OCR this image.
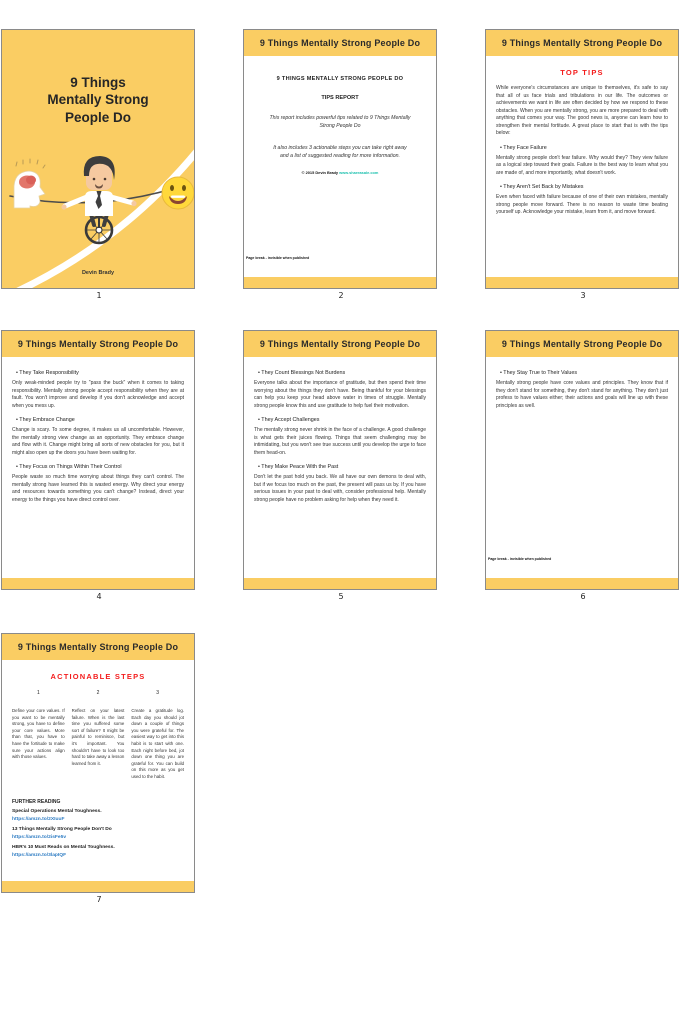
9 Things
Mentally Strong
People Do
Devin Brady
1
9 Things Mentally Strong People Do
9 THINGS MENTALLY STRONG PEOPLE DO
TIPS REPORT
This report includes powerful tips related to 9 Things Mentally Strong People Do
It also includes 3 actionable steps you can take right away and a list of suggested reading for more information.
© 2015 Devin Brady www.shareasale.com
Page break - invisible when published
2
9 Things Mentally Strong People Do
TOP TIPS

While everyone's circumstances are unique to themselves, it's safe to say that all of us face trials and tribulations in our life. The outcomes or achievements we want in life are often decided by how we respond to these obstacles. When you are mentally strong, you are more prepared to deal with anything that comes your way. The good news is, anyone can learn how to strengthen their mental fortitude. A great place to start that is with the tips below:

• They Face Failure

Mentally strong people don't fear failure. Why would they? They view failure as a logical step toward their goals. Failure is the best way to learn what you are made of, and more importantly, what doesn't work.

• They Aren't Set Back by Mistakes

Even when faced with failure because of one of their own mistakes, mentally strong people move forward. There is no reason to waste time beating yourself up. Acknowledge your mistake, learn from it, and move forward.

3
9 Things Mentally Strong People Do
• They Take Responsibility

Only weak-minded people try to "pass the buck" when it comes to taking responsibility. Mentally strong people accept responsibility when they are at fault. You won't improve and develop if you don't acknowledge and accept when you mess up.

• They Embrace Change

Change is scary. To some degree, it makes us all uncomfortable. However, the mentally strong view change as an opportunity. They embrace change and flow with it. Change might bring all sorts of new obstacles for you, but it might also open up the doors you have been waiting for.

• They Focus on Things Within Their Control

People waste so much time worrying about things they can't control. The mentally strong have learned this is wasted energy. Why direct your energy and resources towards something you can't change? Instead, direct your energy to the things you have direct control over.

4
9 Things Mentally Strong People Do
• They Count Blessings Not Burdens

Everyone talks about the importance of gratitude, but then spend their time worrying about the things they don't have. Being thankful for your blessings can help you keep your head above water in times of struggle. Mentally strong people know this and use gratitude to help fuel their motivation.

• They Accept Challenges

The mentally strong never shrink in the face of a challenge. A good challenge is what gets their juices flowing. Things that seem challenging may be intimidating, but you won't see true success until you develop the urge to face them head-on.

• They Make Peace With the Past

Don't let the past hold you back. We all have our own demons to deal with, but if we focus too much on the past, the present will pass us by. If you have serious issues in your past to deal with, consider professional help. Mentally strong people have no problem asking for help when they need it.

5
9 Things Mentally Strong People Do
• They Stay True to Their Values

Mentally strong people have core values and principles. They know that if they don't stand for something, they don't stand for anything. They don't just profess to have values either; their actions and goals will line up with these principles as well.

Page break - invisible when published
6
9 Things Mentally Strong People Do
ACTIONABLE STEPS
1

Define your core values. If you want to be mentally strong, you have to define your core values. More than that, you have to have the fortitude to make sure your actions align with those values.

2

Reflect on your latest failure. When is the last time you suffered some sort of failure? It might be painful to reminisce, but it's important. You shouldn't have to look too hard to take away a lesson learned from it.

3

Create a gratitude log. Each day you should jot down a couple of things you were grateful for. The easiest way to get into this habit is to start with one. Each night before bed, jot down one thing you are grateful for. You can build on this more as you get used to the habit.

FURTHER READING
Special Operations Mental Toughness.
https://amzn.to/2XIuuF
13 Things Mentally Strong People Don't Do
https://amzn.to/2isFe5v
HBR's 10 Must Reads on Mental Toughness.
https://amzn.to/3lapIQF
7
